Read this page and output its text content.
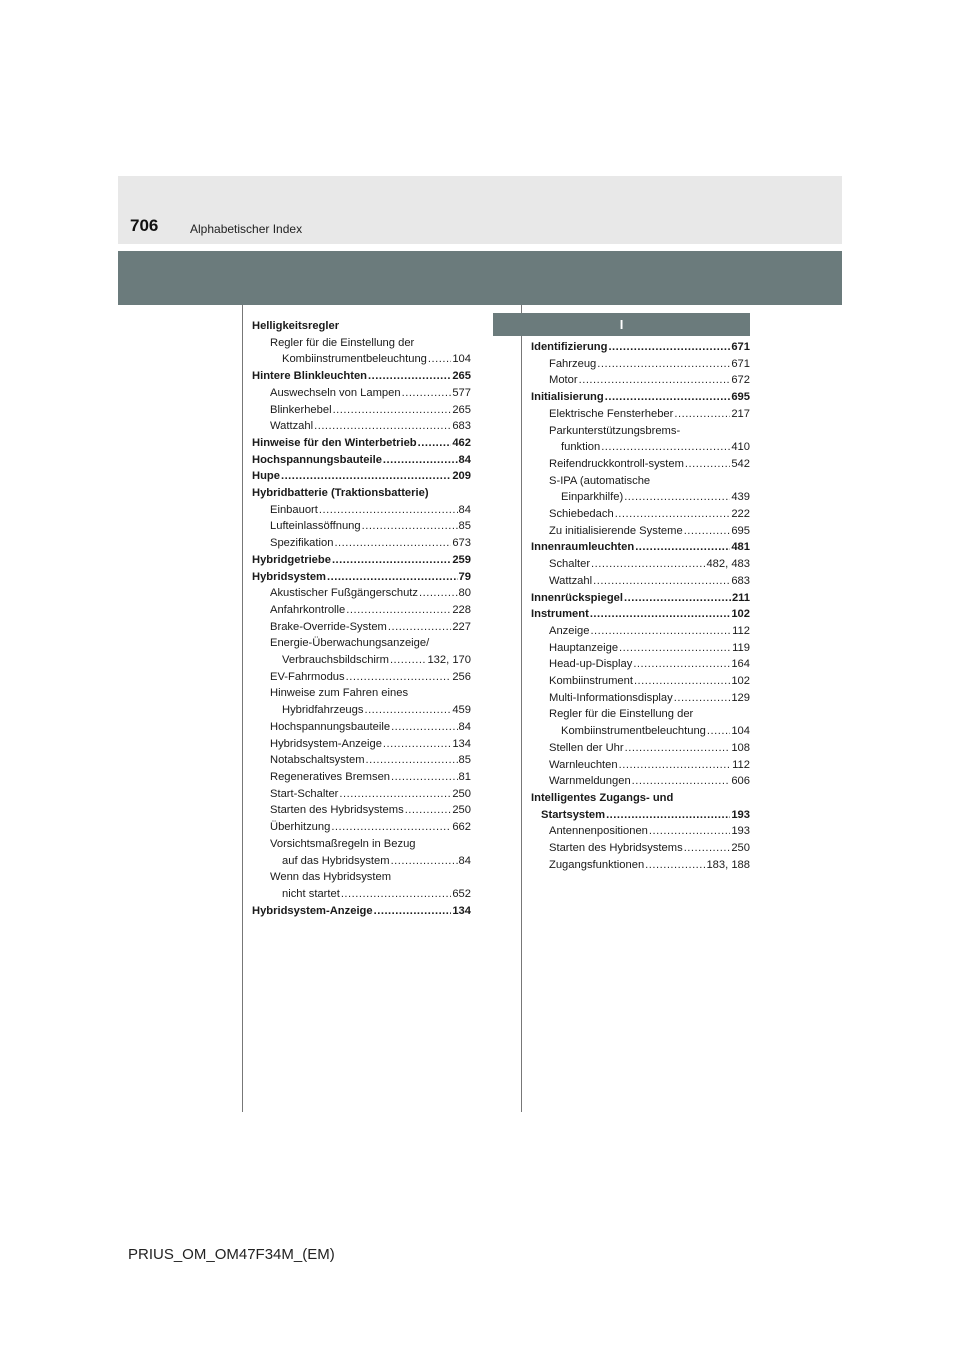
706	Alphabetischer Index
I
Helligkeitsregler
Regler für die Einstellung der
Kombiinstrumentbeleuchtung ..... 104
Hintere Blinkleuchten .....	265
Auswechseln von Lampen .....	577
Blinkerhebel .....	265
Wattzahl .....	683
Hinweise für den Winterbetrieb .....	462
Hochspannungsbauteile .....	84
Hupe .....	209
Hybridbatterie (Traktionsbatterie)
Einbauort .....	84
Lufteinlassöffnung .....	85
Spezifikation .....	673
Hybridgetriebe .....	259
Hybridsystem .....	79
Akustischer Fußgängerschutz .....	80
Anfahrkontrolle .....	228
Brake-Override-System .....	227
Energie-Überwachungsanzeige/
Verbrauchsbildschirm .....	132, 170
EV-Fahrmodus .....	256
Hinweise zum Fahren eines
Hybridfahrzeugs .....	459
Hochspannungsbauteile .....	84
Hybridsystem-Anzeige .....	134
Notabschaltsystem .....	85
Regeneratives Bremsen .....	81
Start-Schalter .....	250
Starten des Hybridsystems .....	250
Überhitzung .....	662
Vorsichtsmaßregeln in Bezug
auf das Hybridsystem .....	84
Wenn das Hybridsystem
nicht startet .....	652
Hybridsystem-Anzeige .....	134
Identifizierung .....	671
Fahrzeug .....	671
Motor .....	672
Initialisierung .....	695
Elektrische Fensterheber .....	217
Parkunterstützungsbrems-
funktion .....	410
Reifendruckkontroll-system .....	542
S-IPA (automatische
Einparkhilfe) .....	439
Schiebedach .....	222
Zu initialisierende Systeme .....	695
Innenraumleuchten .....	481
Schalter .....	482, 483
Wattzahl .....	683
Innenrückspiegel .....	211
Instrument .....	102
Anzeige .....	112
Hauptanzeige .....	119
Head-up-Display .....	164
Kombiinstrument .....	102
Multi-Informationsdisplay .....	129
Regler für die Einstellung der
Kombiinstrumentbeleuchtung ..... 104
Stellen der Uhr .....	108
Warnleuchten .....	112
Warnmeldungen .....	606
Intelligentes Zugangs- und
Startsystem .....	193
Antennenpositionen .....	193
Starten des Hybridsystems .....	250
Zugangsfunktionen .....	183, 188
PRIUS_OM_OM47F34M_(EM)
